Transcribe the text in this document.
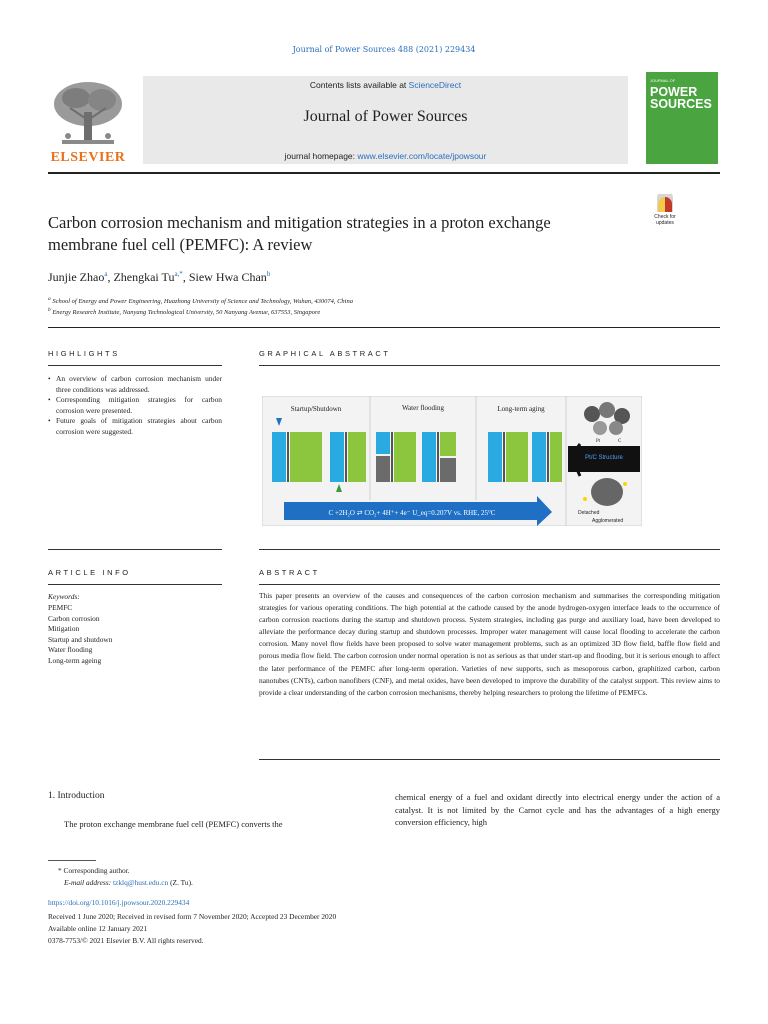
Journal of Power Sources 488 (2021) 229434
Contents lists available at ScienceDirect
Journal of Power Sources
journal homepage: www.elsevier.com/locate/jpowsour
ELSEVIER
JOURNAL OF
POWER
SOURCES
Carbon corrosion mechanism and mitigation strategies in a proton exchange membrane fuel cell (PEMFC): A review
Check for
updates
Junjie Zhao$^a$, Zhengkai $Tu^{a,*}$, Siew Hwa Chan$^b$
$^a$ School of Energy and Power Engineering, Huazhong University of Science and Technology, Wuhan, 430074, China
$^b$ Energy Research Institute, Nanyang Technological University, 50 Nanyang Avenue, 637553, Singapore
HIGHLIGHTS
• An overview of carbon corrosion mechanism under three conditions was addressed.
• Corresponding mitigation strategies for carbon corrosion were presented.
• Future goals of mitigation strategies about carbon corrosion were suggested.
GRAPHICAL ABSTRACT
Startup/Shutdown	Water flooding	Long-term aging
C +2H₂O ⇄ CO₂+ 4H⁺+ 4e⁻ U_eq=0.207V vs. RHE, 25°C
Pt	C
Pt/C Structure
Detached
Agglomerated
ARTICLE INFO
Keywords:
PEMFC
Carbon corrosion
Mitigation
Startup and shutdown
Water flooding
Long-term ageing
ABSTRACT
This paper presents an overview of the causes and consequences of the carbon corrosion mechanism and summarises the corresponding mitigation strategies for various operating conditions. The high potential at the cathode caused by the anode hydrogen-oxygen interface leads to the occurrence of carbon corrosion reactions during the startup and shutdown process. System strategies, including gas purge and auxiliary load, have been developed to alleviate the performance decay during startup and shutdown processes. Improper water management will cause local flooding to accelerate the carbon corrosion. Many novel flow fields have been proposed to solve water management problems, such as an optimized 3D flow field, baffle flow field and porous media flow field. The carbon corrosion under normal operation is not as serious as that under start-up and flooding, but it is serious enough to affect the later performance of the PEMFC after long-term operation. Varieties of new supports, such as mesoporous carbon, graphitized carbon, carbon nanotubes (CNTs), carbon nanofibers (CNF), and metal oxides, have been developed to improve the durability of the catalyst support. This review aims to provide a clear understanding of the carbon corrosion mechanisms, thereby helping researchers to prolong the lifetime of PEMFCs.
1. Introduction
The proton exchange membrane fuel cell (PEMFC) converts the
chemical energy of a fuel and oxidant directly into electrical energy under the action of a catalyst. It is not limited by the Carnot cycle and has the advantages of a high energy conversion efficiency, high
* Corresponding author.
E-mail address: tzklq@hust.edu.cn (Z. Tu).
https://doi.org/10.1016/j.jpowsour.2020.229434
Received 1 June 2020; Received in revised form 7 November 2020; Accepted 23 December 2020
Available online 12 January 2021
0378-7753/© 2021 Elsevier B.V. All rights reserved.
